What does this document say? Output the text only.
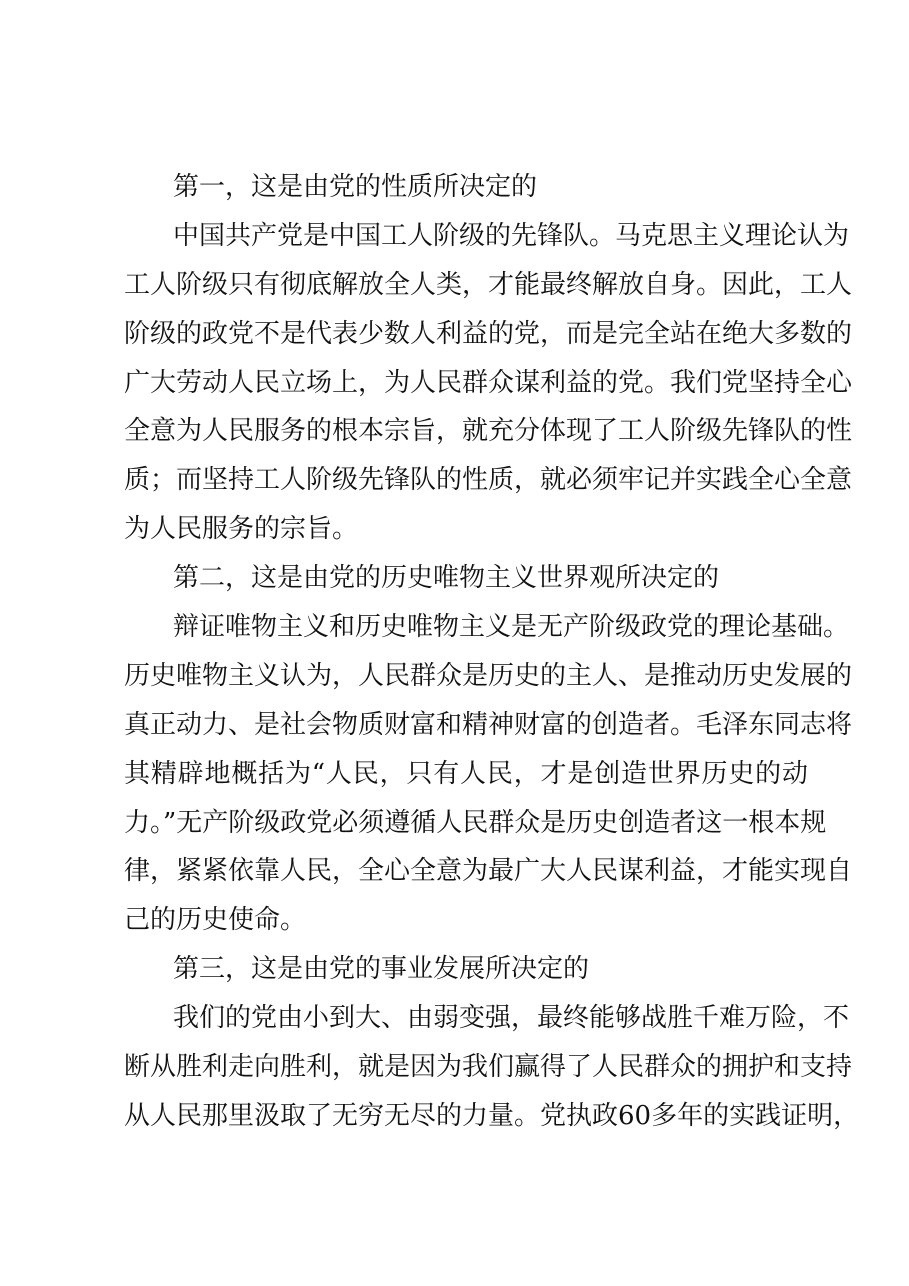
第一，这是由党的性质所决定的
中国共产党是中国工人阶级的先锋队。马克思主义理论认为
工人阶级只有彻底解放全人类，才能最终解放自身。因此，工人
阶级的政党不是代表少数人利益的党，而是完全站在绝大多数的
广大劳动人民立场上，为人民群众谋利益的党。我们党坚持全心
全意为人民服务的根本宗旨，就充分体现了工人阶级先锋队的性
质；而坚持工人阶级先锋队的性质，就必须牢记并实践全心全意
为人民服务的宗旨。
第二，这是由党的历史唯物主义世界观所决定的
辩证唯物主义和历史唯物主义是无产阶级政党的理论基础。
历史唯物主义认为，人民群众是历史的主人、是推动历史发展的
真正动力、是社会物质财富和精神财富的创造者。毛泽东同志将
其精辟地概括为“人民，只有人民，才是创造世界历史的动
力。”无产阶级政党必须遵循人民群众是历史创造者这一根本规
律，紧紧依靠人民，全心全意为最广大人民谋利益，才能实现自
己的历史使命。
第三，这是由党的事业发展所决定的
我们的党由小到大、由弱变强，最终能够战胜千难万险，不
断从胜利走向胜利，就是因为我们赢得了人民群众的拥护和支持
从人民那里汲取了无穷无尽的力量。党执政60多年的实践证明，
